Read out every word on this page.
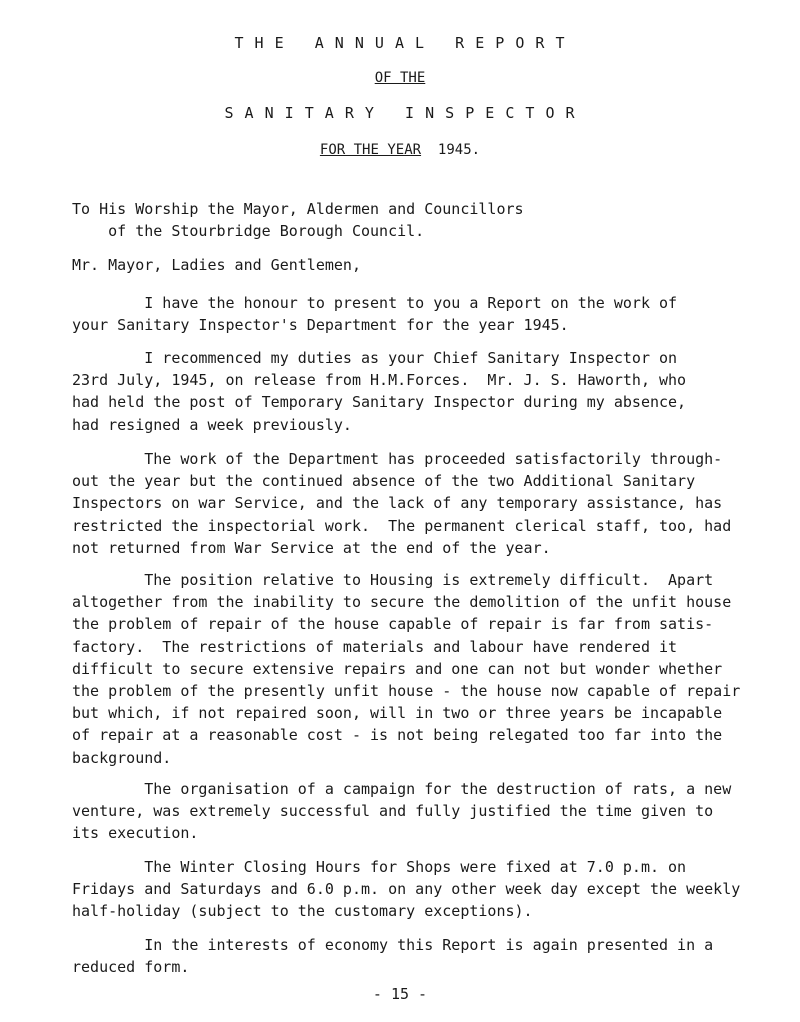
T H E   A N N U A L   R E P O R T
OF THE
S A N I T A R Y   I N S P E C T O R
FOR THE YEAR 1945.
To His Worship the Mayor, Aldermen and Councillors
of the Stourbridge Borough Council.
Mr. Mayor, Ladies and Gentlemen,
I have the honour to present to you a Report on the work of
your Sanitary Inspector's Department for the year 1945.
I recommenced my duties as your Chief Sanitary Inspector on
23rd July, 1945, on release from H.M.Forces.  Mr. J. S. Haworth, who
had held the post of Temporary Sanitary Inspector during my absence,
had resigned a week previously.
The work of the Department has proceeded satisfactorily through-
out the year but the continued absence of the two Additional Sanitary
Inspectors on war Service, and the lack of any temporary assistance, has
restricted the inspectorial work.  The permanent clerical staff, too, had
not returned from War Service at the end of the year.
The position relative to Housing is extremely difficult.  Apart
altogether from the inability to secure the demolition of the unfit house
the problem of repair of the house capable of repair is far from satis-
factory.  The restrictions of materials and labour have rendered it
difficult to secure extensive repairs and one can not but wonder whether
the problem of the presently unfit house - the house now capable of repair
but which, if not repaired soon, will in two or three years be incapable
of repair at a reasonable cost - is not being relegated too far into the
background.
The organisation of a campaign for the destruction of rats, a new
venture, was extremely successful and fully justified the time given to
its execution.
The Winter Closing Hours for Shops were fixed at 7.0 p.m. on
Fridays and Saturdays and 6.0 p.m. on any other week day except the weekly
half-holiday (subject to the customary exceptions).
In the interests of economy this Report is again presented in a
reduced form.
- 15 -
